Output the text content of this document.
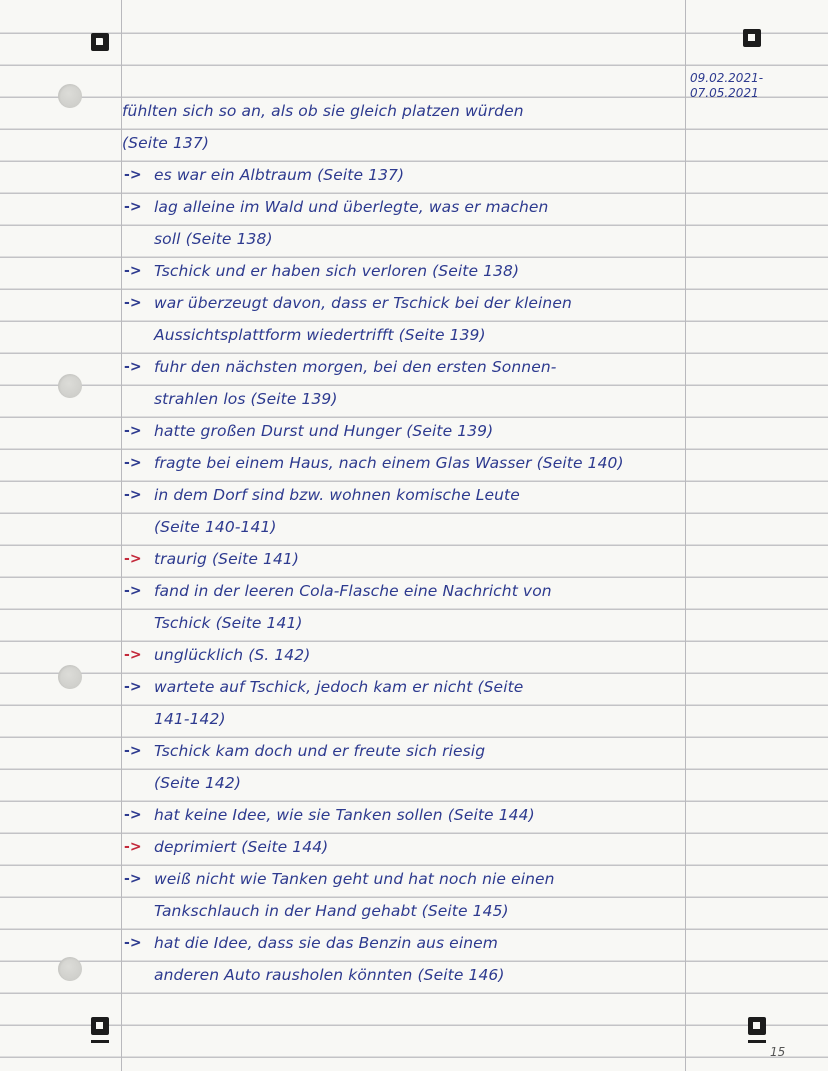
09.02.2021-
07.05.2021
fühlten sich so an, als ob sie gleich platzen würden
(Seite 137)
-> es war ein Albtraum (Seite 137)
-> lag alleine im Wald und überlegte, was er machen
soll (Seite 138)
-> Tschick und er haben sich verloren (Seite 138)
-> war überzeugt davon, dass er Tschick bei der kleinen
Aussichtsplattform wiedertrifft (Seite 139)
-> fuhr den nächsten morgen, bei den ersten Sonnen-
strahlen los (Seite 139)
-> hatte großen Durst und Hunger (Seite 139)
-> fragte bei einem Haus, nach einem Glas Wasser (Seite 140)
-> in dem Dorf sind bzw. wohnen komische Leute
(Seite 140-141)
-> traurig (Seite 141)
-> fand in der leeren Cola-Flasche eine Nachricht von
Tschick (Seite 141)
-> unglücklich (S. 142)
-> wartete auf Tschick, jedoch kam er nicht (Seite
141-142)
-> Tschick kam doch und er freute sich riesig
(Seite 142)
-> hat keine Idee, wie sie Tanken sollen (Seite 144)
-> deprimiert (Seite 144)
-> weiß nicht wie Tanken geht und hat noch nie einen
Tankschlauch in der Hand gehabt (Seite 145)
-> hat die Idee, dass sie das Benzin aus einem
anderen Auto rausholen könnten (Seite 146)
15
